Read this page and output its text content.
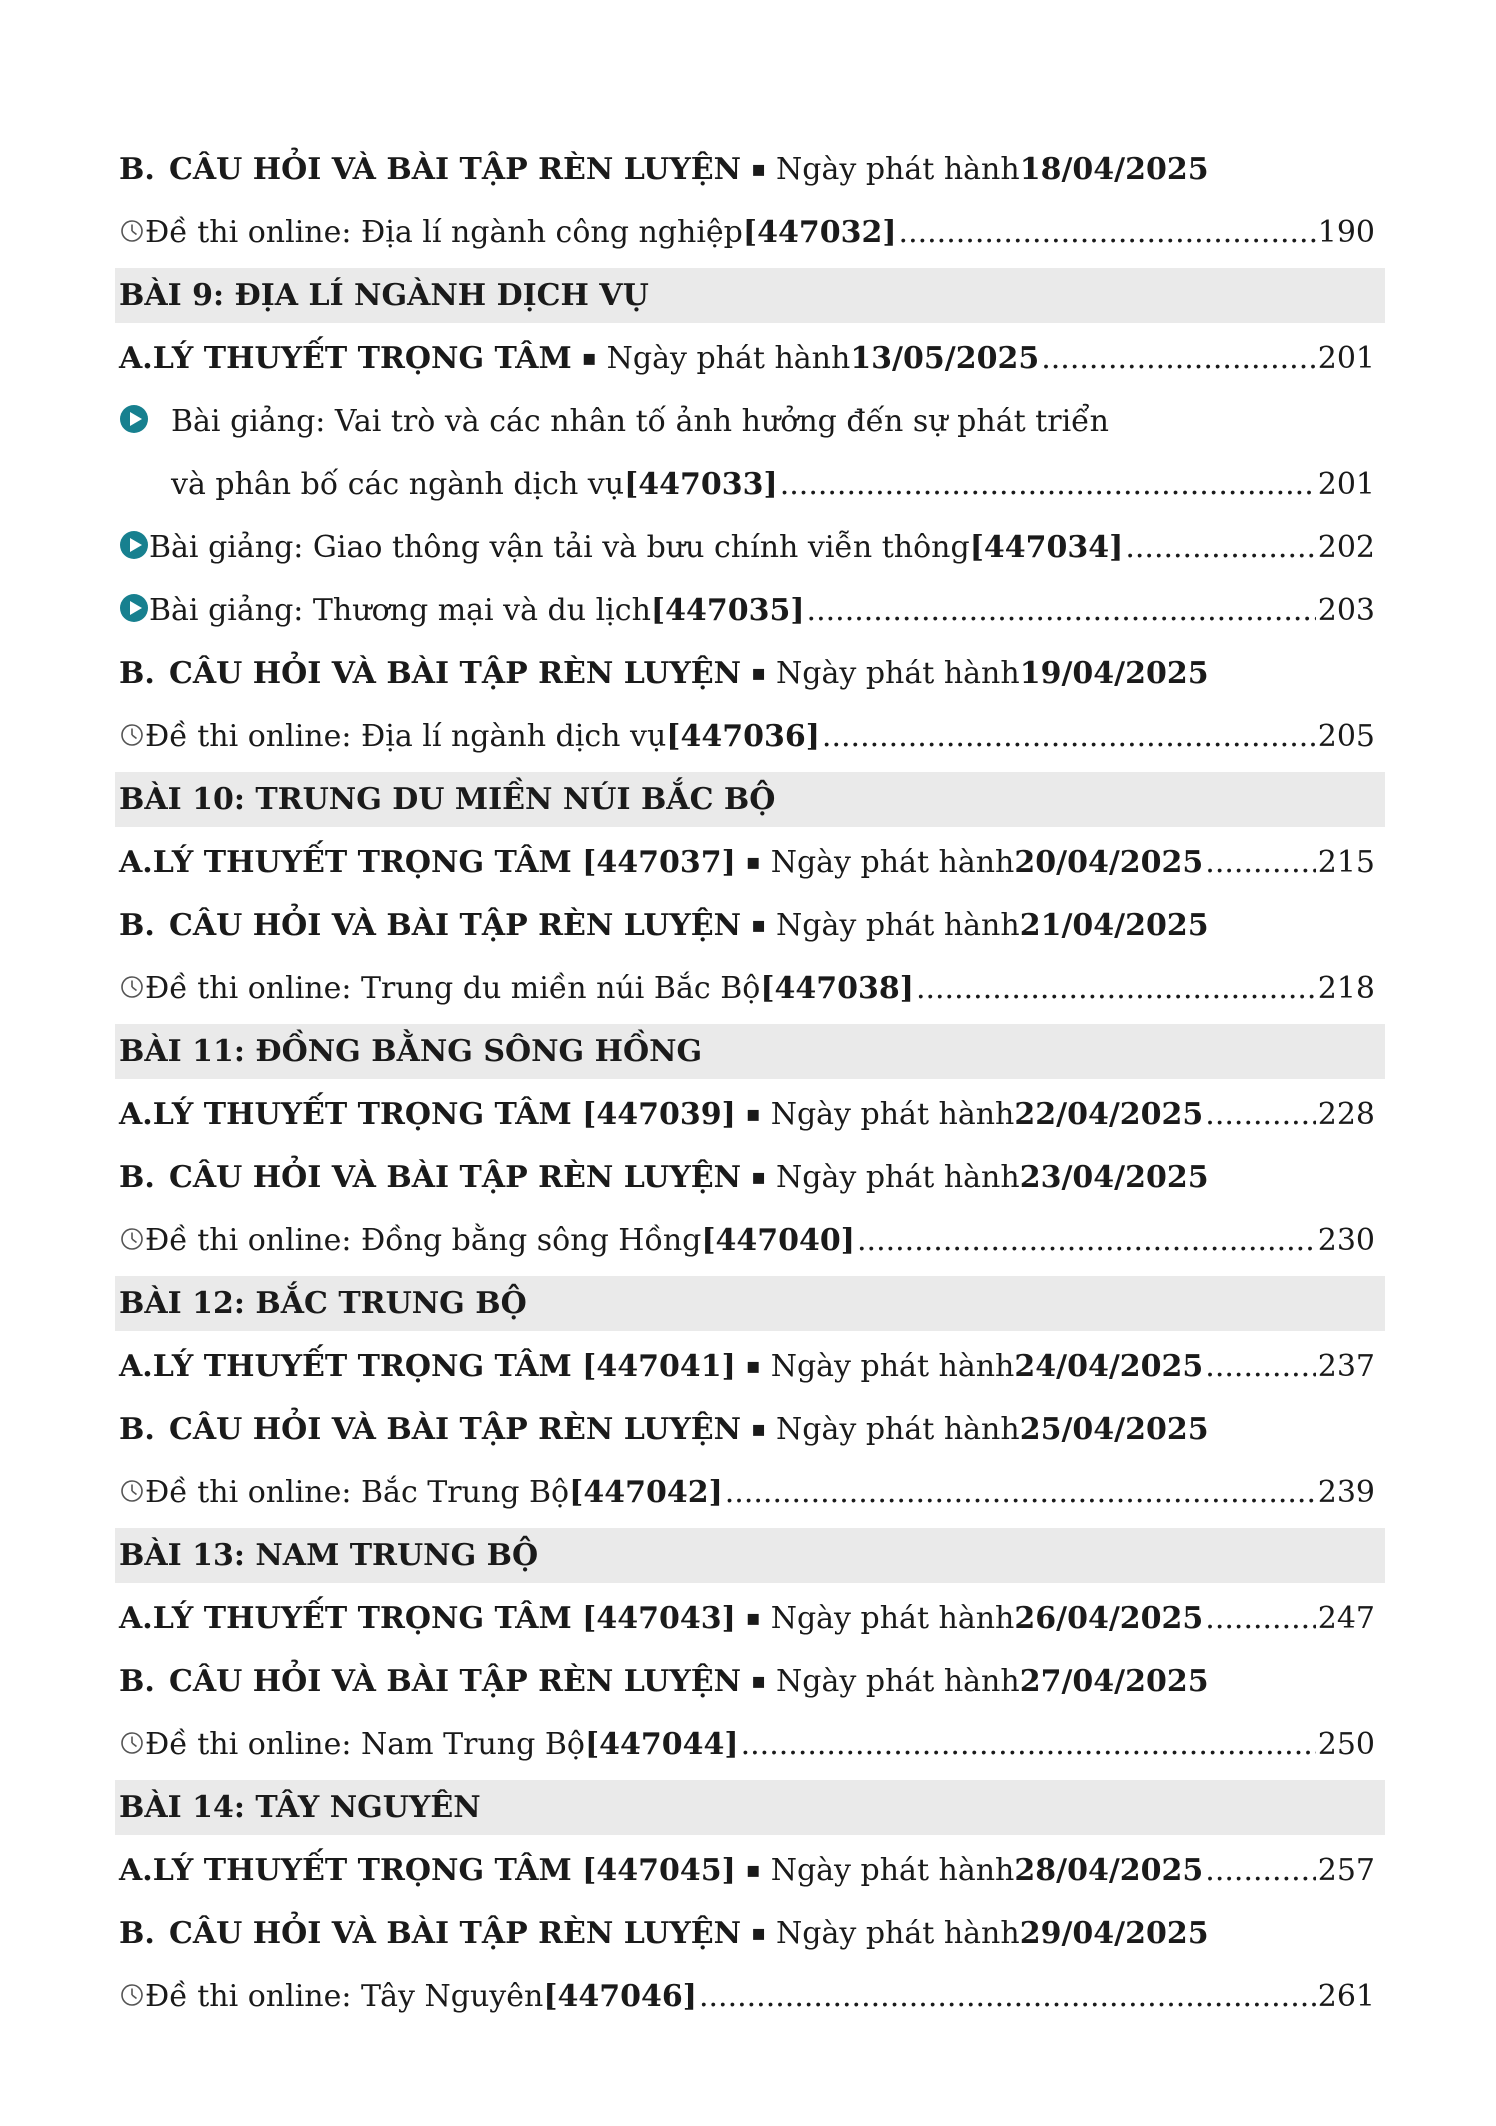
B. CÂU HỎI VÀ BÀI TẬP RÈN LUYỆN ▪ Ngày phát hành 18/04/2025
Đề thi online: Địa lí ngành công nghiệp [447032] .....	190
BÀI 9: ĐỊA LÍ NGÀNH DỊCH VỤ
A. LÝ THUYẾT TRỌNG TÂM ▪ Ngày phát hành 13/05/2025 .....	201
Bài giảng: Vai trò và các nhân tố ảnh hưởng đến sự phát triển
và phân bố các ngành dịch vụ [447033] .....	201
Bài giảng: Giao thông vận tải và bưu chính viễn thông [447034] .....	202
Bài giảng: Thương mại và du lịch [447035] .....	203
B. CÂU HỎI VÀ BÀI TẬP RÈN LUYỆN ▪ Ngày phát hành 19/04/2025
Đề thi online: Địa lí ngành dịch vụ [447036] .....	205
BÀI 10: TRUNG DU MIỀN NÚI BẮC BỘ
A. LÝ THUYẾT TRỌNG TÂM [447037] ▪ Ngày phát hành 20/04/2025 .....	215
B. CÂU HỎI VÀ BÀI TẬP RÈN LUYỆN ▪ Ngày phát hành 21/04/2025
Đề thi online: Trung du miền núi Bắc Bộ [447038] .....	218
BÀI 11: ĐỒNG BẰNG SÔNG HỒNG
A. LÝ THUYẾT TRỌNG TÂM [447039] ▪ Ngày phát hành 22/04/2025 .....	228
B. CÂU HỎI VÀ BÀI TẬP RÈN LUYỆN ▪ Ngày phát hành 23/04/2025
Đề thi online: Đồng bằng sông Hồng [447040] .....	230
BÀI 12: BẮC TRUNG BỘ
A. LÝ THUYẾT TRỌNG TÂM [447041] ▪ Ngày phát hành 24/04/2025 .....	237
B. CÂU HỎI VÀ BÀI TẬP RÈN LUYỆN ▪ Ngày phát hành 25/04/2025
Đề thi online: Bắc Trung Bộ [447042] .....	239
BÀI 13: NAM TRUNG BỘ
A. LÝ THUYẾT TRỌNG TÂM [447043] ▪ Ngày phát hành 26/04/2025 .....	247
B. CÂU HỎI VÀ BÀI TẬP RÈN LUYỆN ▪ Ngày phát hành 27/04/2025
Đề thi online: Nam Trung Bộ [447044] .....	250
BÀI 14: TÂY NGUYÊN
A. LÝ THUYẾT TRỌNG TÂM [447045] ▪ Ngày phát hành 28/04/2025 .....	257
B. CÂU HỎI VÀ BÀI TẬP RÈN LUYỆN ▪ Ngày phát hành 29/04/2025
Đề thi online: Tây Nguyên [447046] .....	261
